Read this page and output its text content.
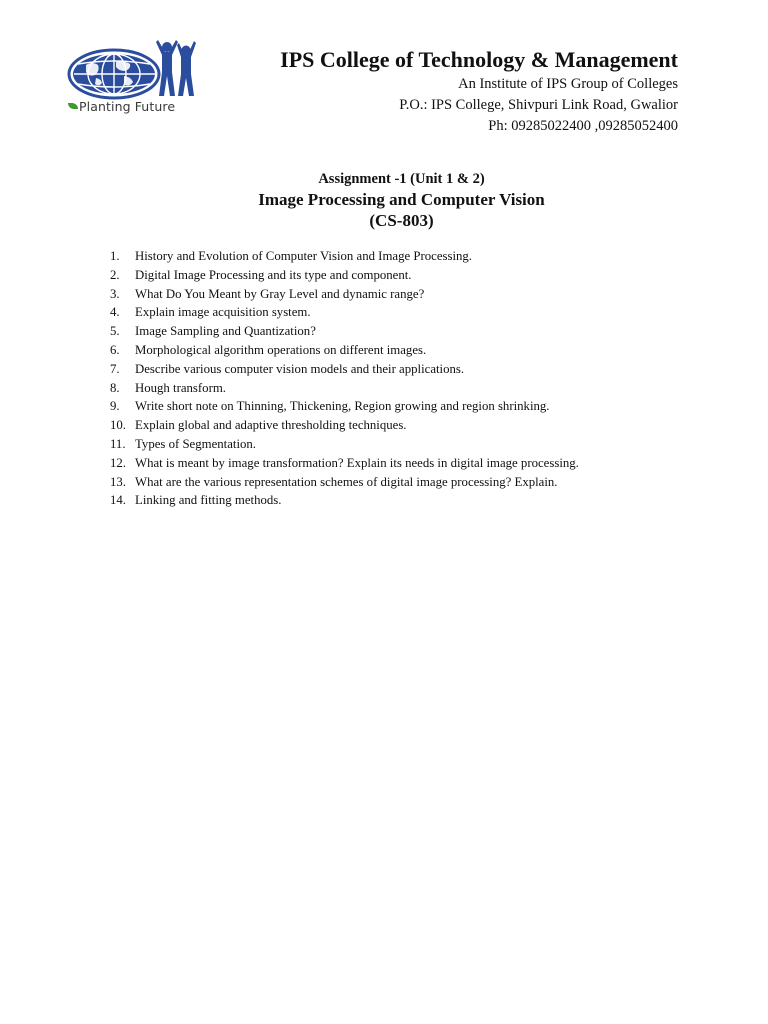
Planting Future
IPS College of Technology & Management
An Institute of IPS Group of Colleges
P.O.: IPS College, Shivpuri Link Road, Gwalior
Ph: 09285022400 ,09285052400
Assignment -1 (Unit 1 & 2)
Image Processing and Computer Vision
(CS-803)
1.	History and Evolution of Computer Vision and Image Processing.
2.	Digital Image Processing and its type and component.
3.	What Do You Meant by Gray Level and dynamic range?
4.	Explain image acquisition system.
5.	Image Sampling and Quantization?
6.	Morphological algorithm operations on different images.
7.	Describe various computer vision models and their applications.
8.	Hough transform.
9.	Write short note on Thinning, Thickening, Region growing and region shrinking.
10. Explain global and adaptive thresholding techniques.
11. Types of Segmentation.
12. What is meant by image transformation? Explain its needs in digital image processing.
13. What are the various representation schemes of digital image processing? Explain.
14. Linking and fitting methods.
